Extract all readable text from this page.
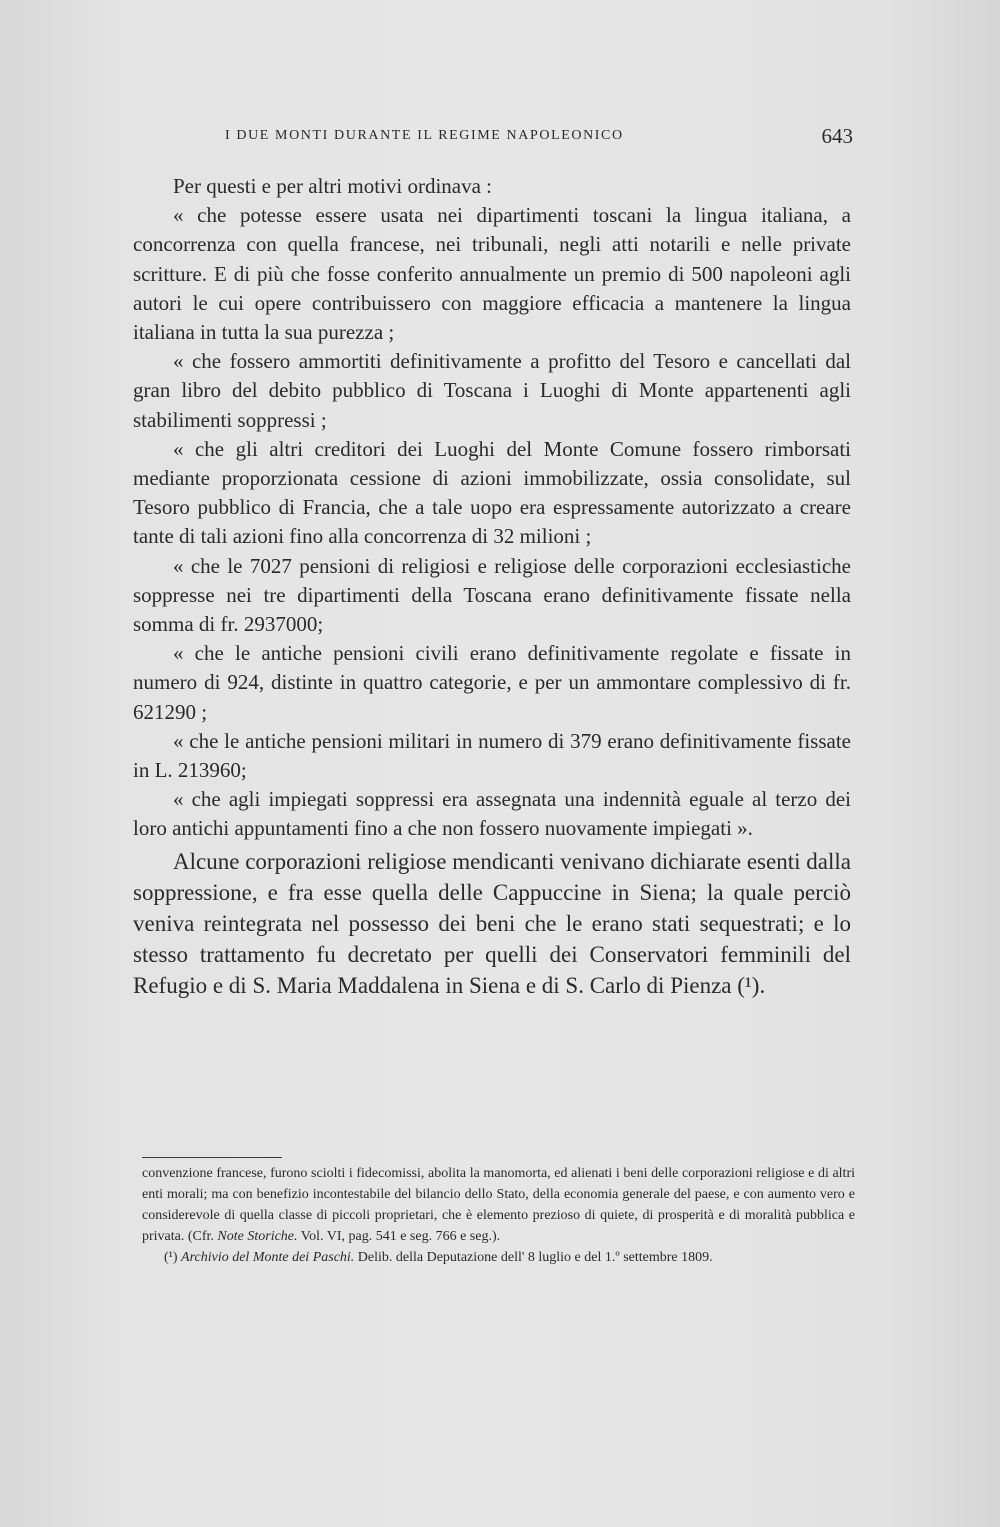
I DUE MONTI DURANTE IL REGIME NAPOLEONICO	643

Per questi e per altri motivi ordinava :

« che potesse essere usata nei dipartimenti toscani la lingua italiana, a concorrenza con quella francese, nei tribunali, negli atti notarili e nelle private scritture. E di più che fosse conferito annualmente un premio di 500 napoleoni agli autori le cui opere contribuissero con maggiore efficacia a mantenere la lingua italiana in tutta la sua purezza ;

« che fossero ammortiti definitivamente a profitto del Tesoro e cancellati dal gran libro del debito pubblico di Toscana i Luoghi di Monte appartenenti agli stabilimenti soppressi ;

« che gli altri creditori dei Luoghi del Monte Comune fossero rimborsati mediante proporzionata cessione di azioni immobilizzate, ossia consolidate, sul Tesoro pubblico di Francia, che a tale uopo era espressamente autorizzato a creare tante di tali azioni fino alla concorrenza di 32 milioni ;

« che le 7027 pensioni di religiosi e religiose delle corporazioni ecclesiastiche soppresse nei tre dipartimenti della Toscana erano definitivamente fissate nella somma di fr. 2937000;

« che le antiche pensioni civili erano definitivamente regolate e fissate in numero di 924, distinte in quattro categorie, e per un ammontare complessivo di fr. 621290 ;

« che le antiche pensioni militari in numero di 379 erano definitivamente fissate in L. 213960;

« che agli impiegati soppressi era assegnata una indennità eguale al terzo dei loro antichi appuntamenti fino a che non fossero nuovamente impiegati ».

Alcune corporazioni religiose mendicanti venivano dichiarate esenti dalla soppressione, e fra esse quella delle Cappuccine in Siena; la quale perciò veniva reintegrata nel possesso dei beni che le erano stati sequestrati; e lo stesso trattamento fu decretato per quelli dei Conservatori femminili del Refugio e di S. Maria Maddalena in Siena e di S. Carlo di Pienza (¹).

convenzione francese, furono sciolti i fidecomissi, abolita la manomorta, ed alienati i beni delle corporazioni religiose e di altri enti morali; ma con benefizio incontestabile del bilancio dello Stato, della economia generale del paese, e con aumento vero e considerevole di quella classe di piccoli proprietari, che è elemento prezioso di quiete, di prosperità e di moralità pubblica e privata. (Cfr. Note Storiche. Vol. VI, pag. 541 e seg. 766 e seg.).

(¹) Archivio del Monte dei Paschi. Delib. della Deputazione dell' 8 luglio e del 1.º settembre 1809.
